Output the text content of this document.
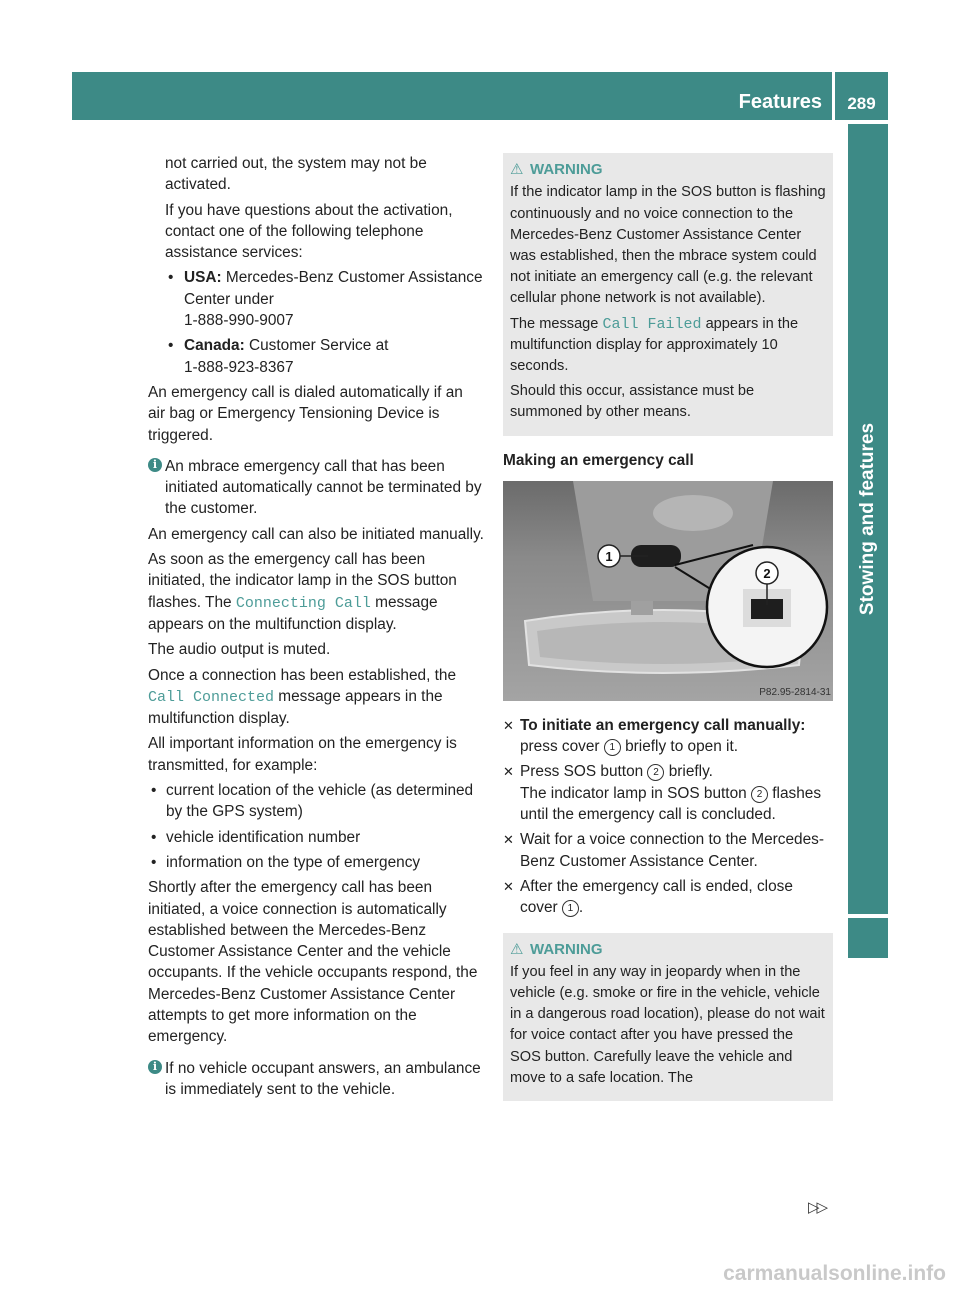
Features	289
Stowing and features

not carried out, the system may not be activated.

If you have questions about the activation, contact one of the following telephone assistance services:

• USA: Mercedes-Benz Customer Assistance Center under
1-888-990-9007
• Canada: Customer Service at
1-888-923-8367

An emergency call is dialed automatically if an air bag or Emergency Tensioning Device is triggered.

i An mbrace emergency call that has been initiated automatically cannot be terminated by the customer.

An emergency call can also be initiated manually.

As soon as the emergency call has been initiated, the indicator lamp in the SOS button flashes. The Connecting Call message appears on the multifunction display.

The audio output is muted.

Once a connection has been established, the Call Connected message appears in the multifunction display.

All important information on the emergency is transmitted, for example:

• current location of the vehicle (as determined by the GPS system)
• vehicle identification number
• information on the type of emergency

Shortly after the emergency call has been initiated, a voice connection is automatically established between the Mercedes-Benz Customer Assistance Center and the vehicle occupants. If the vehicle occupants respond, the Mercedes-Benz Customer Assistance Center attempts to get more information on the emergency.

i If no vehicle occupant answers, an ambulance is immediately sent to the vehicle.
⚠ WARNING

If the indicator lamp in the SOS button is flashing continuously and no voice connection to the Mercedes-Benz Customer Assistance Center was established, then the mbrace system could not initiate an emergency call (e.g. the relevant cellular phone network is not available).

The message Call Failed appears in the multifunction display for approximately 10 seconds.

Should this occur, assistance must be summoned by other means.

Making an emergency call
1
2
P82.95-2814-31
✕ To initiate an emergency call manually: press cover 1 briefly to open it.
✕ Press SOS button 2 briefly.
The indicator lamp in SOS button 2 flashes until the emergency call is concluded.
✕ Wait for a voice connection to the Mercedes-Benz Customer Assistance Center.
✕ After the emergency call is ended, close cover 1 .
⚠ WARNING

If you feel in any way in jeopardy when in the vehicle (e.g. smoke or fire in the vehicle, vehicle in a dangerous road location), please do not wait for voice contact after you have pressed the SOS button. Carefully leave the vehicle and move to a safe location. The

▷▷
carmanualsonline.info
